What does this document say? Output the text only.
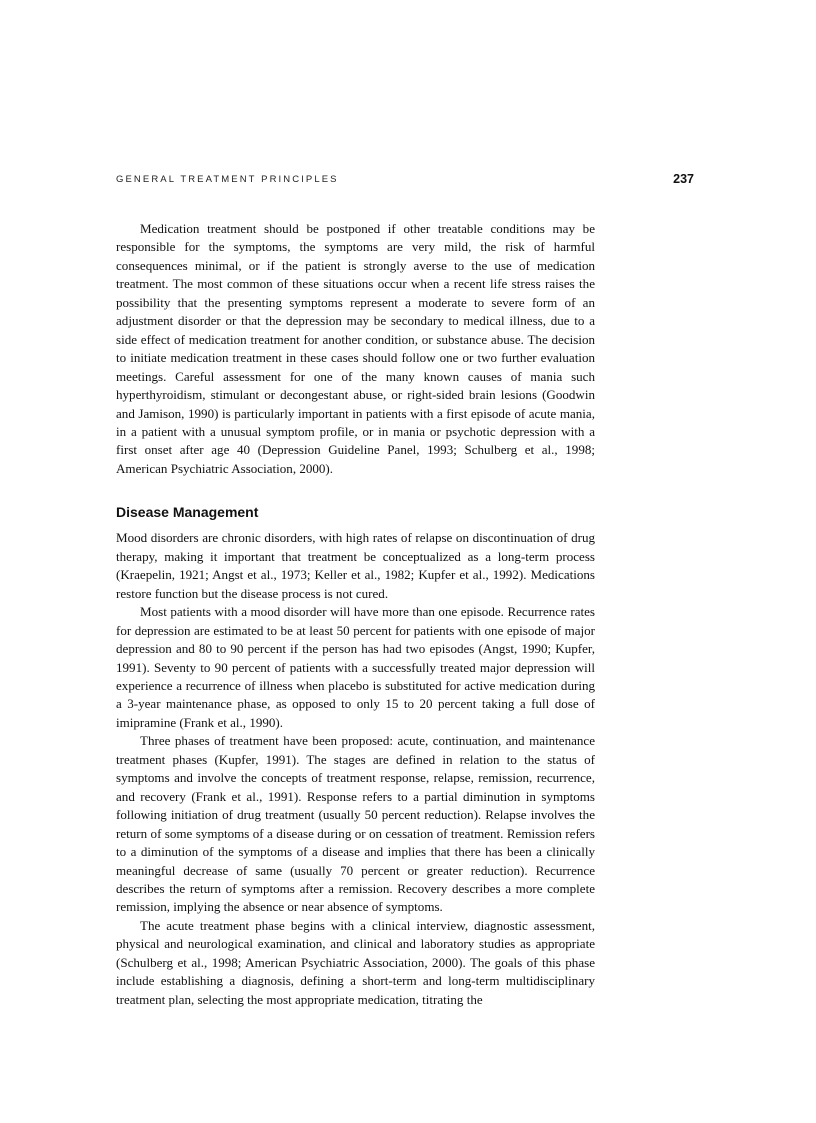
GENERAL TREATMENT PRINCIPLES	237

Medication treatment should be postponed if other treatable conditions may be responsible for the symptoms, the symptoms are very mild, the risk of harmful consequences minimal, or if the patient is strongly averse to the use of medication treatment. The most common of these situations occur when a recent life stress raises the possibility that the presenting symptoms represent a moderate to severe form of an adjustment disorder or that the depression may be secondary to medical illness, due to a side effect of medication treatment for another condition, or substance abuse. The decision to initiate medication treatment in these cases should follow one or two further evaluation meetings. Careful assessment for one of the many known causes of mania such hyperthyroidism, stimulant or decongestant abuse, or right-sided brain lesions (Goodwin and Jamison, 1990) is particularly important in patients with a first episode of acute mania, in a patient with a unusual symptom profile, or in mania or psychotic depression with a first onset after age 40 (Depression Guideline Panel, 1993; Schulberg et al., 1998; American Psychiatric Association, 2000).

Disease Management

Mood disorders are chronic disorders, with high rates of relapse on discontinuation of drug therapy, making it important that treatment be conceptualized as a long-term process (Kraepelin, 1921; Angst et al., 1973; Keller et al., 1982; Kupfer et al., 1992). Medications restore function but the disease process is not cured.

Most patients with a mood disorder will have more than one episode. Recurrence rates for depression are estimated to be at least 50 percent for patients with one episode of major depression and 80 to 90 percent if the person has had two episodes (Angst, 1990; Kupfer, 1991). Seventy to 90 percent of patients with a successfully treated major depression will experience a recurrence of illness when placebo is substituted for active medication during a 3-year maintenance phase, as opposed to only 15 to 20 percent taking a full dose of imipramine (Frank et al., 1990).

Three phases of treatment have been proposed: acute, continuation, and maintenance treatment phases (Kupfer, 1991). The stages are defined in relation to the status of symptoms and involve the concepts of treatment response, relapse, remission, recurrence, and recovery (Frank et al., 1991). Response refers to a partial diminution in symptoms following initiation of drug treatment (usually 50 percent reduction). Relapse involves the return of some symptoms of a disease during or on cessation of treatment. Remission refers to a diminution of the symptoms of a disease and implies that there has been a clinically meaningful decrease of same (usually 70 percent or greater reduction). Recurrence describes the return of symptoms after a remission. Recovery describes a more complete remission, implying the absence or near absence of symptoms.

The acute treatment phase begins with a clinical interview, diagnostic assessment, physical and neurological examination, and clinical and laboratory studies as appropriate (Schulberg et al., 1998; American Psychiatric Association, 2000). The goals of this phase include establishing a diagnosis, defining a short-term and long-term multidisciplinary treatment plan, selecting the most appropriate medication, titrating the
